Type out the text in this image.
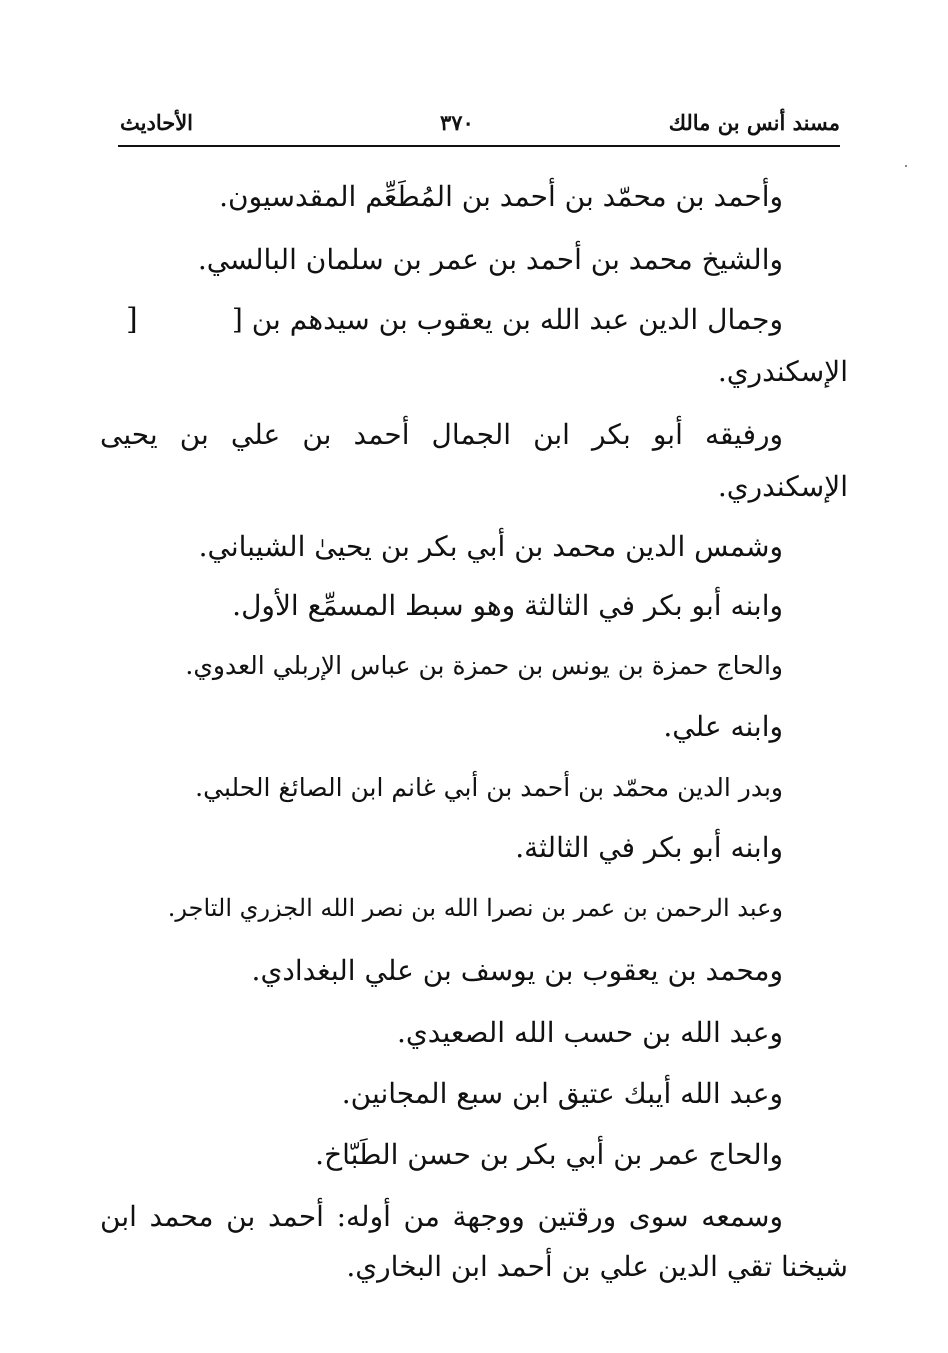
مسند أنس بن مالك
٣٧٠
الأحاديث
وأحمد بن محمّد بن أحمد بن المُطَعِّم المقدسيون.
والشيخ محمد بن أحمد بن عمر بن سلمان البالسي.
وجمال الدين عبد الله بن يعقوب بن سيدهم بن [
]
الإسكندري.
ورفيقه أبو بكر ابن الجمال أحمد بن علي بن يحيى
الإسكندري.
وشمس الدين محمد بن أبي بكر بن يحيىٰ الشيباني.
وابنه أبو بكر في الثالثة وهو سبط المسمِّع الأول.
والحاج حمزة بن يونس بن حمزة بن عباس الإربلي العدوي.
وابنه علي.
وبدر الدين محمّد بن أحمد بن أبي غانم ابن الصائغ الحلبي.
وابنه أبو بكر في الثالثة.
وعبد الرحمن بن عمر بن نصرا الله بن نصر الله الجزري التاجر.
ومحمد بن يعقوب بن يوسف بن علي البغدادي.
وعبد الله بن حسب الله الصعيدي.
وعبد الله أيبك عتيق ابن سبع المجانين.
والحاج عمر بن أبي بكر بن حسن الطَبّاخ.
وسمعه سوى ورقتين ووجهة من أوله: أحمد بن محمد ابن
شيخنا تقي الدين علي بن أحمد ابن البخاري.
